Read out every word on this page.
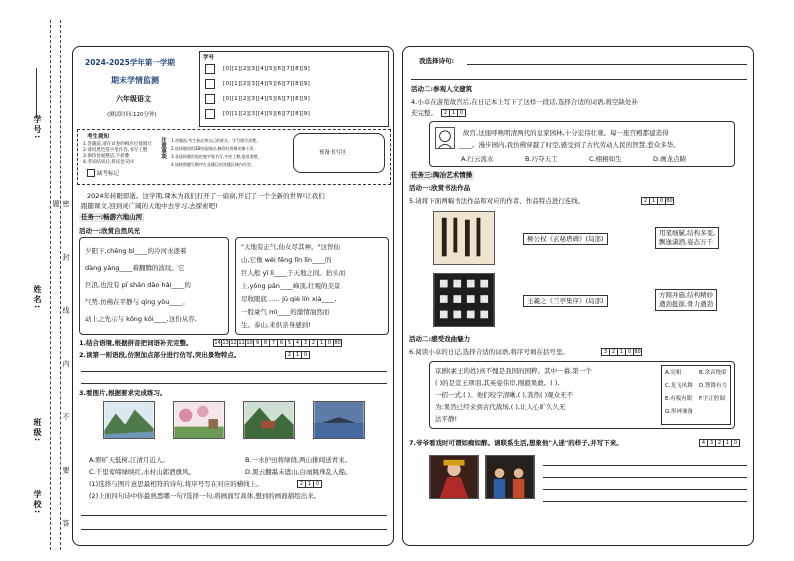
学号:
姓名:
班级:
学校:	密 封 线 内 不 要 答 题
2024-2025学年第一学期
期末学情监测
六年级语文
(测试时间:120分钟)
学号
[0][1][2][3][4][5][6][7][8][9]
[0][1][2][3][4][5][6][7][8][9]
[0][1][2][3][4][5][6][7][8][9]
[0][1][2][3][4][5][6][7][8][9]
考生须知
1.答题前,请在试卷的相应位置填写
2.请用黑色签字笔作答,书写工整
3.保持卷面整洁,不折叠
4.考试结束后,将试卷交回
缺考标记
注意事项 1.答题前,考生务必将自己的姓名、学号填写清楚。
2.选择题请用2B铅笔填涂,修改时用橡皮擦干净。
3.非选择题用黑色签字笔书写,字迹工整,笔迹清楚。
4.请按照题号顺序在各题目的答题区域内作答。
预备书写区
2024年转眼即逝。这学期,课本为我们打开了一扇窗,开启了一个全新的世界!让我们
跟随课文,回到灵广阔的天地中去学习,去探索吧!
任务一:畅游六地山河
活动一:欣赏自然风光
夕阳下,chěng bì____的冷河水逐着
dàng yàng____着翻腾的波纹。它
巨浪,也没有 pǐ shān dǎo hǎi____的
气势,仿佛在平静与 qīng yōu____。
动上之先示与 kǒng kōi____,这份从容,
"天地有正气,仙女尽其神。"这智仙
山,它像 wēi fēng lǐn lǐn____的
巨人般 yǐ lì____于天地之间。抬头而
上,yǒng pān____峰顶,壮观的美景
尽收眼底…… jū qiè lín xià____,
一股豪气 mì____的激情油然而
生。泰山,来供亲身感到!
1.结合语境,根据拼音把词语补充完整。	14 13 12 11 10 9 8 7 6 5 4 3 2 1 0 80
2.读第一则语段,仿照加点部分进行仿写,突出景物特点。	2 1 0
3.看图片,根据要求完成练习。
A.野旷天低树,江清月近人。	B.一水护田将绿绕,两山排闼送青来。
C.千里莺啼绿映红,水村山郭酒旗风。	D.黑云翻墨未遮山,白雨跳珠乱入船。
(1)选择与图片意思最相符的诗句,将序号写在对应的横线上。	2 1 0
(2)上面四句诗中你最熟悉哪一句?选择一句,将画面写具体,想到的画面描绘出来。
我选择诗句:
活动二:参观人文建筑
4.小卓在游览故宫后,在日记本上写下了这样一段话,选择合适的词语,将空缺处补
充完整。	2 1 0
故宫,这座呼唤明清两代的皇家园林,十分宏伟壮观。每一座宫殿都建造得
____。漫步园内,我仿佛穿越了时空,感受到了古代劳动人民的智慧,惹众多华。
A.行云流水	B.巧夺天工	C.栩栩如生	D.画龙点睛
任务三:陶冶艺术情操
活动一:欣赏书法作品
5.请将下面两幅书法作品和对应的作者、作品特点进行连线。	2 1 0 80
柳公权《玄秘塔碑》(局部)
王羲之《兰亭集序》(局部)
用笔细腻,结构多变,
飘逸潇洒,姿态万千
方圆并施,结构精妙
遒劲挺拔,骨力遒劲
活动二:感受戏曲魅力
6.阅读小卓的日记,选择合适的词语,将序号填在括号里。	3 2 1 0 80
京剧(素王的姓)真不愧是我国的国粹。其中一幕,第一个
( )的是宣王项羽,其英姿伟岸,刚毅果敢。( ),
一招一式,( )。他们咬字清晰,( ),粪然( )观众无不
为:果然已经来到古代战场,( ),让人心旷久久无
法平静!
A.亮相	B.余音绕梁
C.龙飞凤舞 D.铿锵有力
E.有板有眼 F.字正腔圆
G.形神兼备
7.爷爷看戏时可谓如痴如醉。请联系生活,想象他"人迷"的样子,并写下来。	4 3 2 1 0
